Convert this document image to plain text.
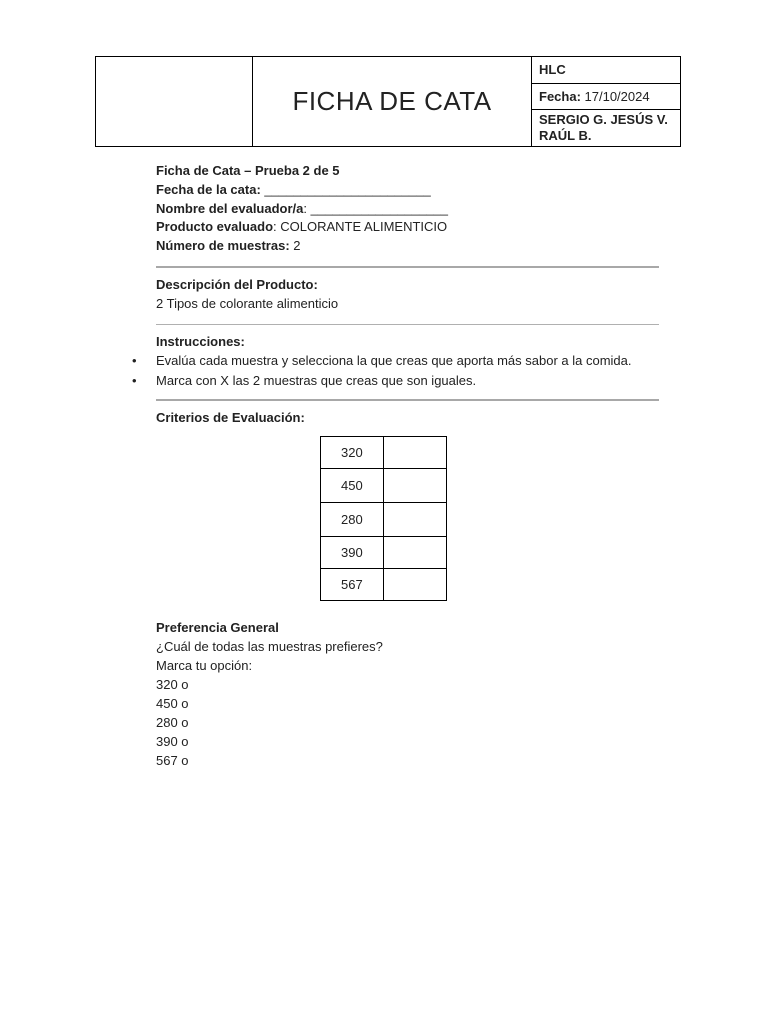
	FICHA DE CATA	HLC
Fecha: 17/10/2024
SERGIO G. JESÚS V.
RAÚL B.
Ficha de Cata – Prueba 2 de 5
Fecha de la cata: _______________________
Nombre del evaluador/a: ___________________
Producto evaluado: COLORANTE ALIMENTICIO
Número de muestras: 2
Descripción del Producto:
2 Tipos de colorante alimenticio
Instrucciones:
• Evalúa cada muestra y selecciona la que creas que aporta más sabor a la comida.
• Marca con X las 2 muestras que creas que son iguales.
Criterios de Evaluación:
320	
450	
280	
390	
567	
Preferencia General
¿Cuál de todas las muestras prefieres?
Marca tu opción:
320 o
450 o
280 o
390 o
567 o
